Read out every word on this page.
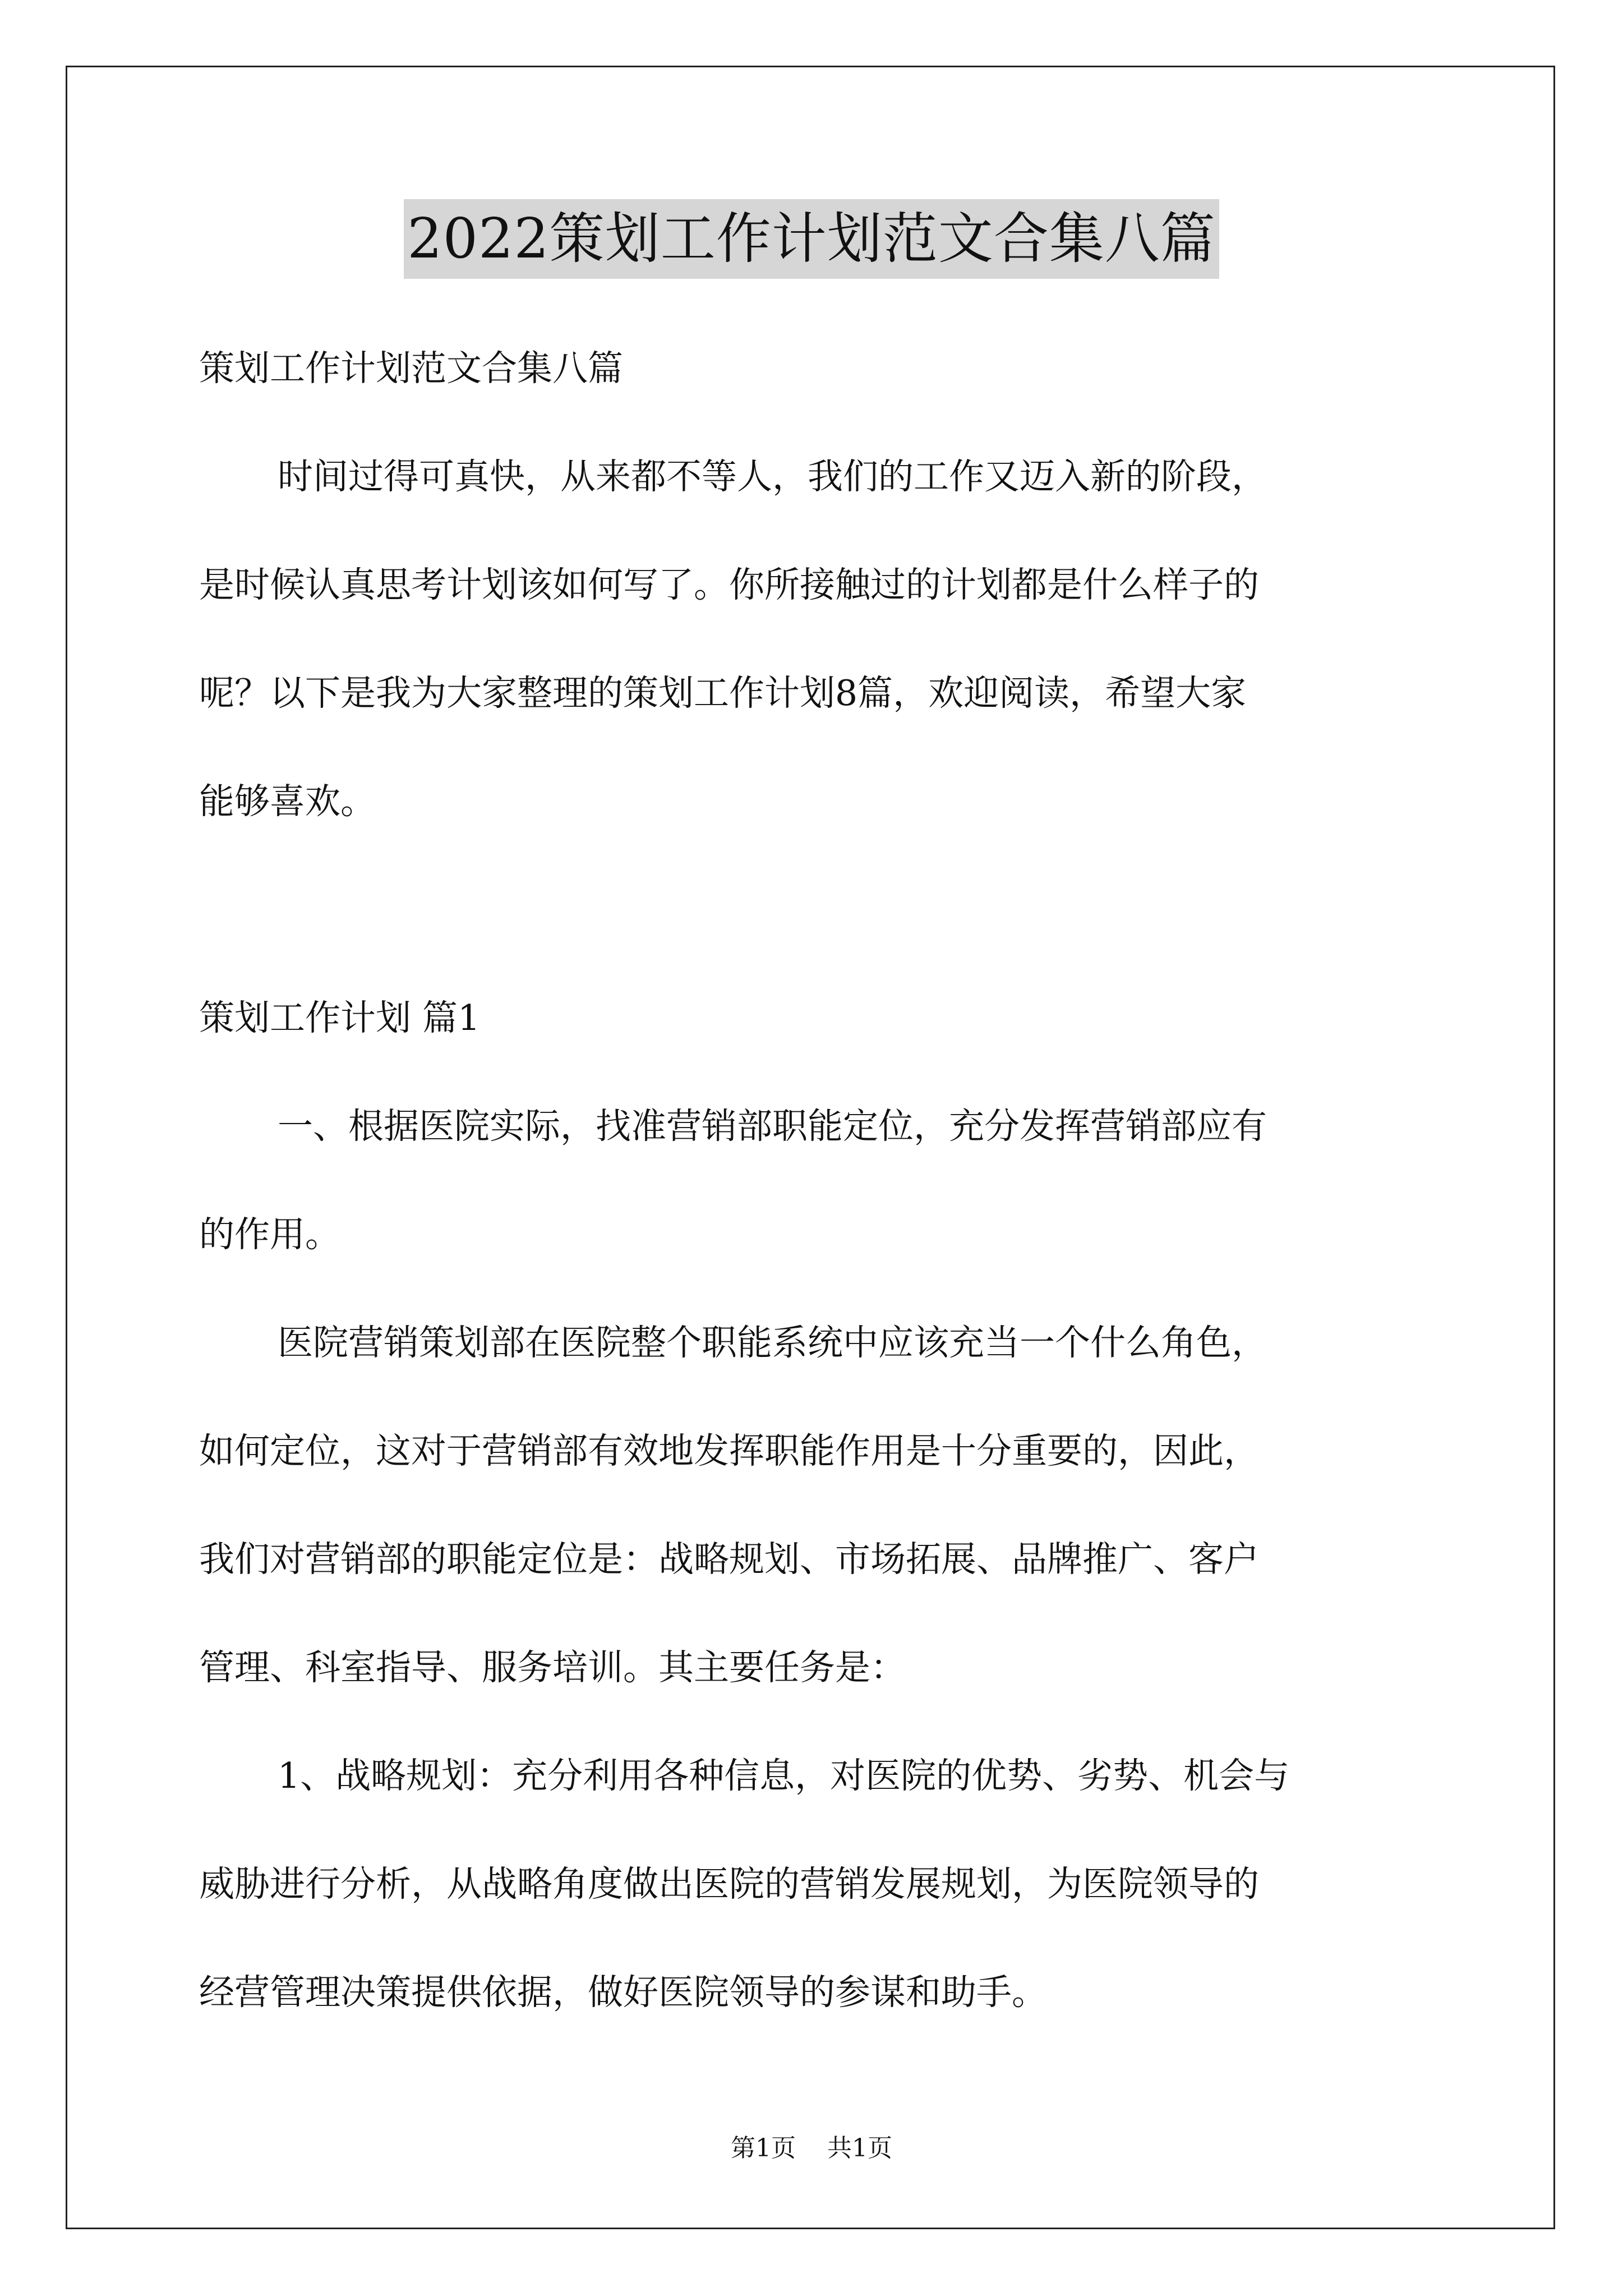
2022策划工作计划范文合集八篇
策划工作计划范文合集八篇
时间过得可真快，从来都不等人，我们的工作又迈入新的阶段，
是时候认真思考计划该如何写了。你所接触过的计划都是什么样子的
呢？以下是我为大家整理的策划工作计划8篇，欢迎阅读，希望大家
能够喜欢。
策划工作计划 篇1
一、根据医院实际，找准营销部职能定位，充分发挥营销部应有
的作用。
医院营销策划部在医院整个职能系统中应该充当一个什么角色，
如何定位，这对于营销部有效地发挥职能作用是十分重要的，因此，
我们对营销部的职能定位是：战略规划、市场拓展、品牌推广、客户
管理、科室指导、服务培训。其主要任务是：
1、战略规划：充分利用各种信息，对医院的优势、劣势、机会与
威胁进行分析，从战略角度做出医院的营销发展规划，为医院领导的
经营管理决策提供依据，做好医院领导的参谋和助手。
第1页    共1页
